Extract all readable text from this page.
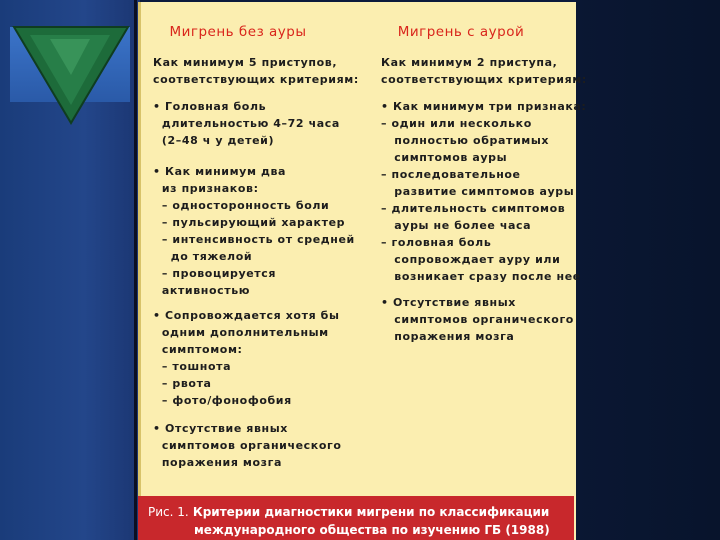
Мигрень без ауры
Как минимум 5 приступов,
соответствующих критериям:
• Головная боль
длительностью 4–72 часа
(2–48 ч у детей)
• Как минимум два
из признаков:
– односторонность боли
– пульсирующий характер
– интенсивность от средней
до тяжелой
– провоцируется
активностью
• Сопровождается хотя бы
одним дополнительным
симптомом:
– тошнота
– рвота
– фото/фонофобия
• Отсутствие явных
симптомов органического
поражения мозга
Мигрень с аурой
Как минимум 2 приступа,
соответствующих критериям:
• Как минимум три признака:
– один или несколько
полностью обратимых
симптомов ауры
– последовательное
развитие симптомов ауры
– длительность симптомов
ауры не более часа
– головная боль
сопровождает ауру или
возникает сразу после нее
• Отсутствие явных
симптомов органического
поражения мозга
Рис. 1. Критерии диагностики мигрени по классификации
международного общества по изучению ГБ (1988)
